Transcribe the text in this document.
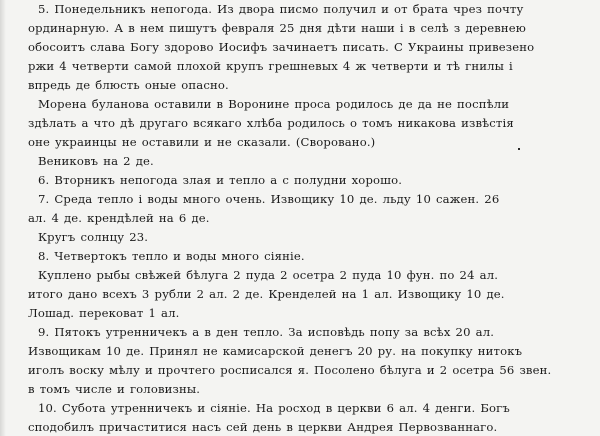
5. Понедельникъ непогода. Из двора писмо получил и от брата чрез почту
ординарную. А в нем пишутъ февраля 25 дня дѣти наши і в селѣ з деревнею
обосоитъ слава Богу здорово Иосифъ зачинаетъ писать. С Украины привезено
ржи 4 четверти самой плохой крупъ грешневых 4 ж четверти и тѣ гнилы і
впредь де блюсть оные опасно.
Морена буланова оставили в Воронине проса родилось де да не поспѣли
здѣлать а что дѣ другаго всякаго хлѣба родилось о томъ никакова извѣстія
оне украинцы не оставили и не сказали. (Своровано.)
Вениковъ на 2 де.
6. Вторникъ непогода злая и тепло а с полудни хорошо.
7. Среда тепло і воды много очень. Извощику 10 де. льду 10 сажен. 26
ал. 4 де. крендѣлей на 6 де.
Кругъ солнцу 23.
8. Четвертокъ тепло и воды много сіяніе.
Куплено рыбы свѣжей бѣлуга 2 пуда 2 осетра 2 пуда 10 фун. по 24 ал.
итого дано всехъ 3 рубли 2 ал. 2 де. Кренделей на 1 ал. Извощику 10 де.
Лошад. перековат 1 ал.
9. Пятокъ утренничекъ а в ден тепло. За исповѣдь попу за всѣх 20 ал.
Извощикам 10 де. Принял не камисарской денегъ 20 ру. на покупку нитокъ
иголъ воску мѣлу и прочтего росписался я. Посолено бѣлуга и 2 осетра 56 звен.
в томъ числе и головизны.
10. Субота утренничекъ и сіяніе. На росход в церкви 6 ал. 4 денги. Богъ
сподобилъ причаститися насъ сей день в церкви Андрея Первозваннаго.
